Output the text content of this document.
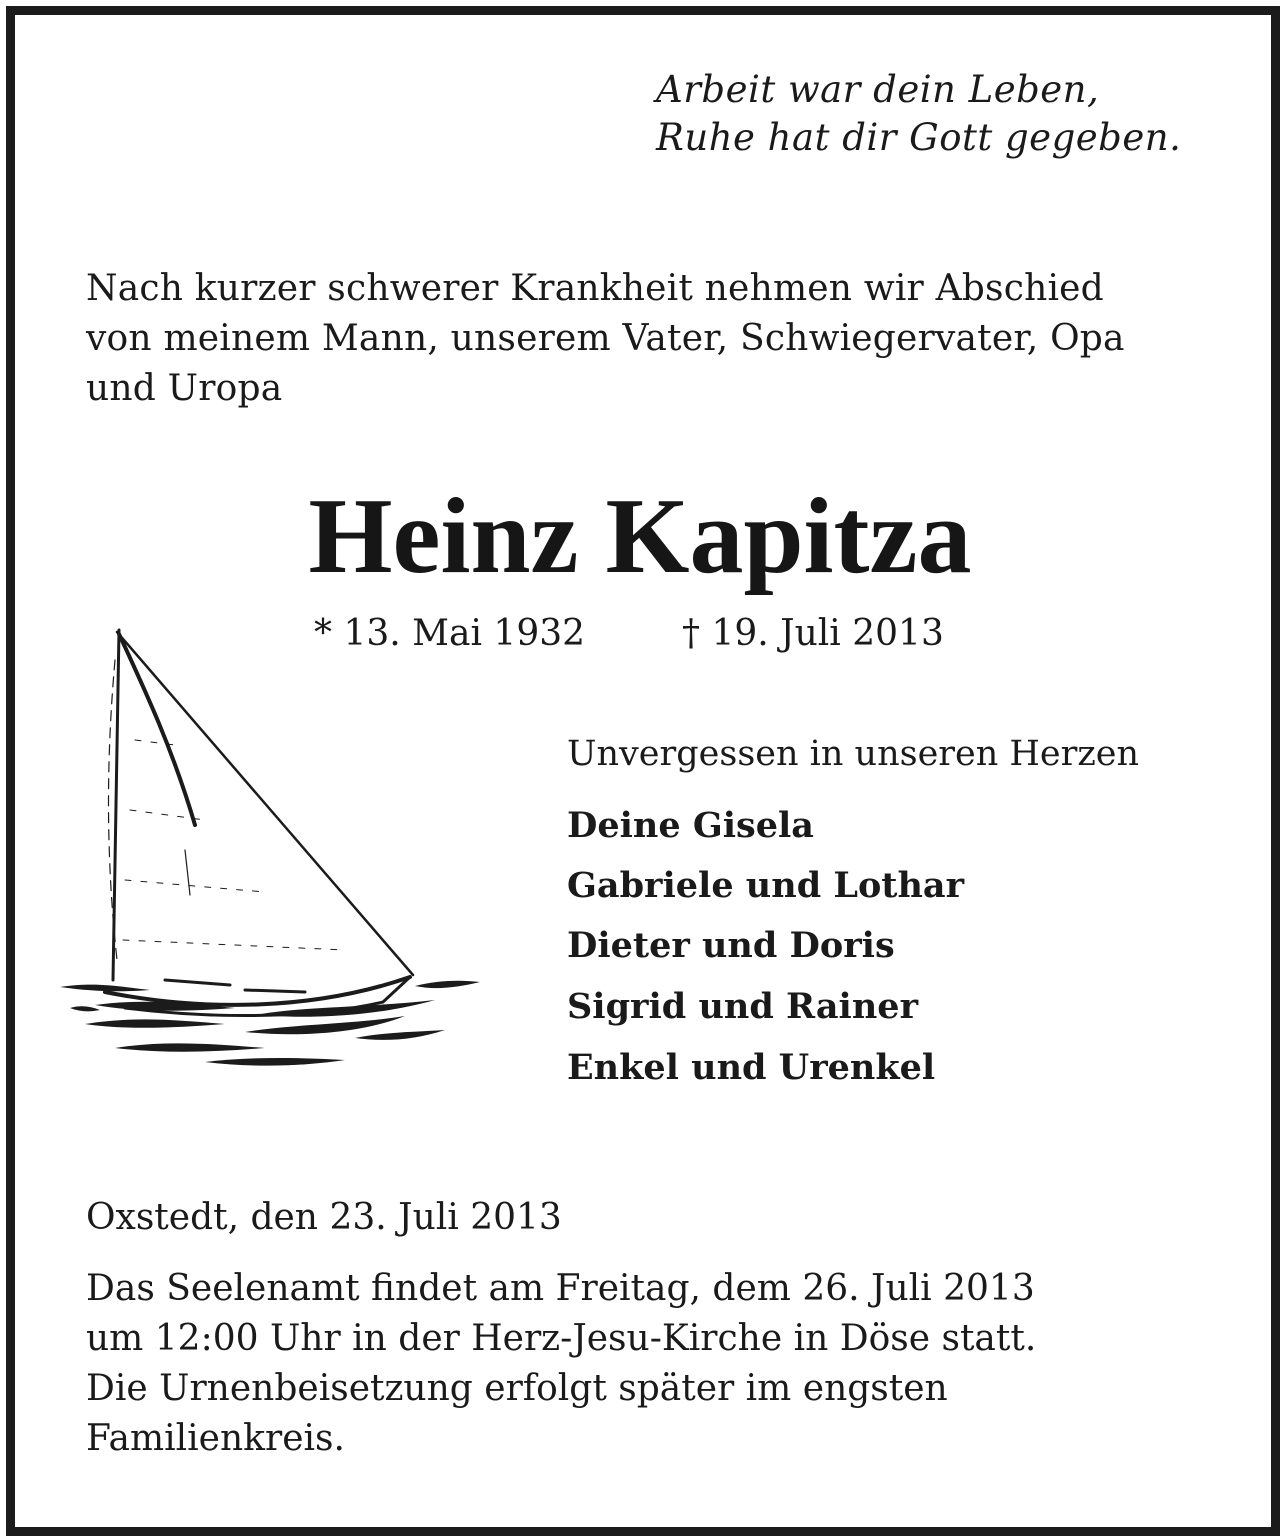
Arbeit war dein Leben,

Ruhe hat dir Gott gegeben.

Nach kurzer schwerer Krankheit nehmen wir Abschied

von meinem Mann, unserem Vater, Schwiegervater, Opa

und Uropa

Heinz Kapitza

* 13. Mai 1932	† 19. Juli 2013

Unvergessen in unseren Herzen

Deine Gisela

Gabriele und Lothar

Dieter und Doris

Sigrid und Rainer

Enkel und Urenkel

Oxstedt, den 23. Juli 2013

Das Seelenamt findet am Freitag, dem 26. Juli 2013

um 12:00 Uhr in der Herz-Jesu-Kirche in Döse statt.

Die Urnenbeisetzung erfolgt später im engsten

Familienkreis.
